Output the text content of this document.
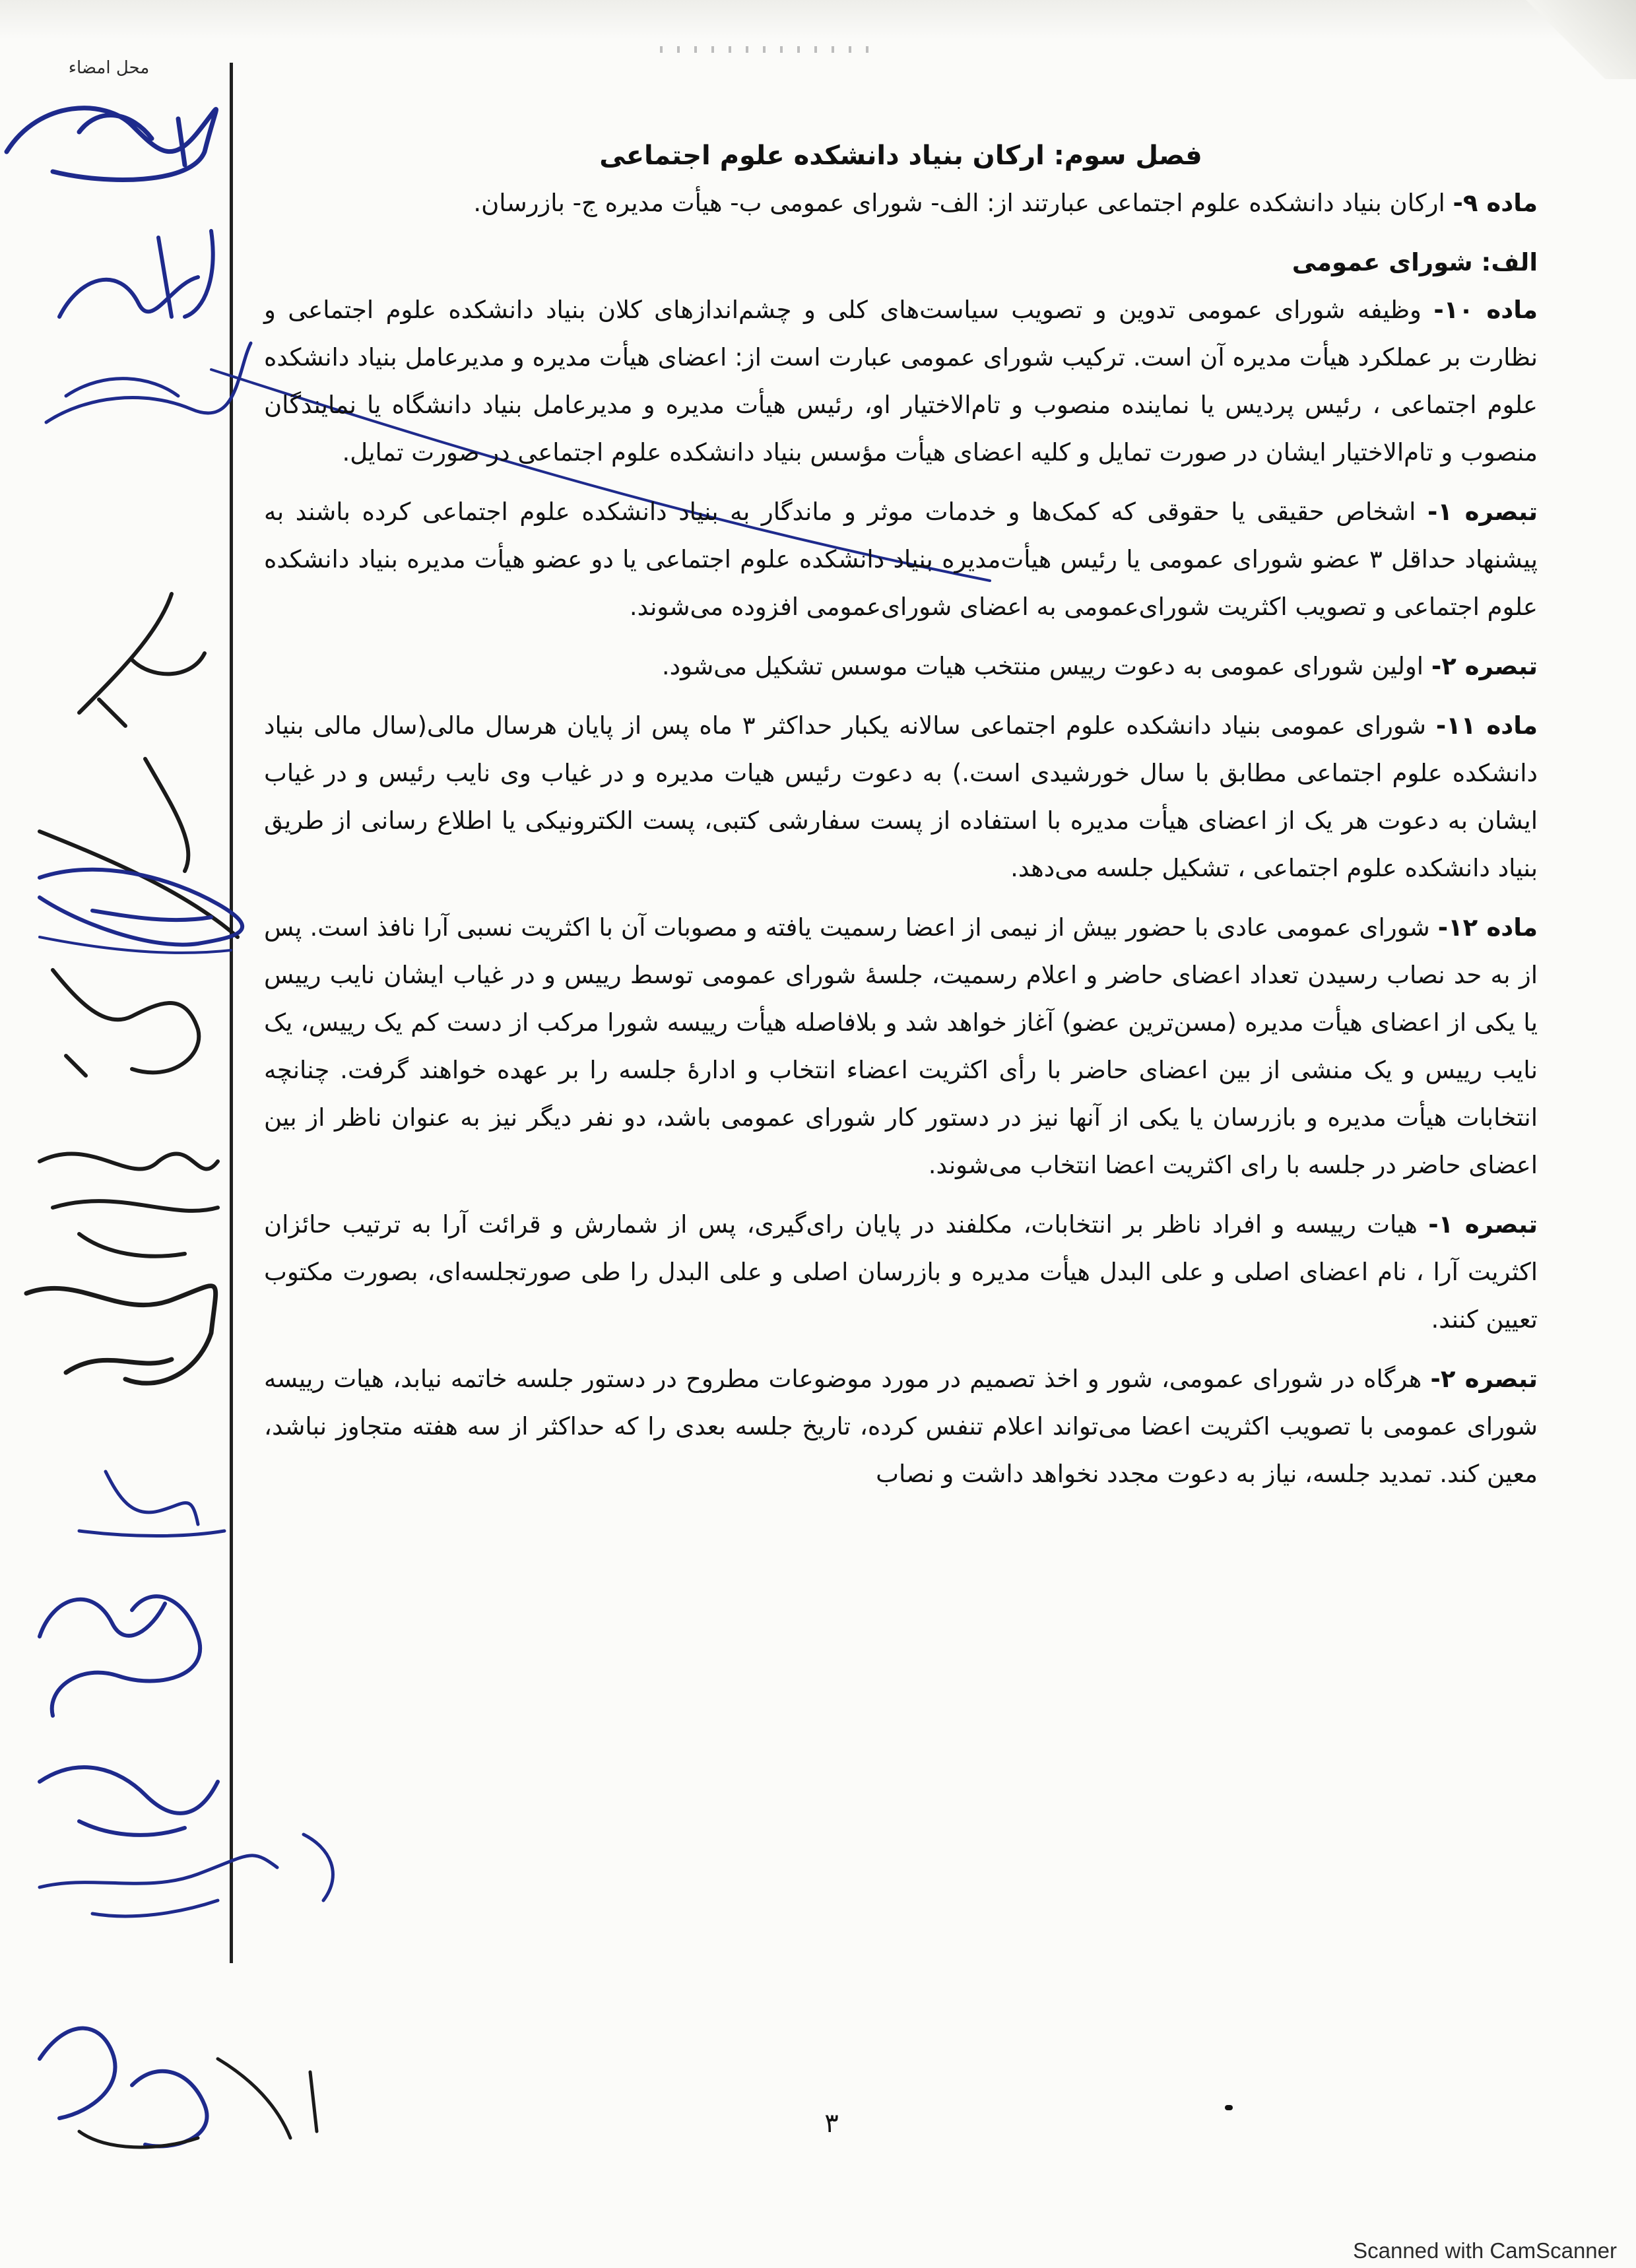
محل امضاء
فصل سوم: ارکان بنیاد دانشکده علوم اجتماعی

ماده ۹- ارکان بنیاد دانشکده علوم اجتماعی عبارتند از: الف- شورای عمومی ب- هیأت مدیره ج- بازرسان.

الف: شورای عمومی

ماده ۱۰- وظیفه شورای عمومی تدوین و تصویب سیاست‌های کلی و چشم‌اندازهای کلان بنیاد دانشکده علوم اجتماعی و نظارت بر عملکرد هیأت مدیره آن است. ترکیب شورای عمومی عبارت است از: اعضای هیأت مدیره و مدیرعامل بنیاد دانشکده علوم اجتماعی ، رئیس پردیس یا نماینده منصوب و تام‌الاختیار او، رئیس هیأت مدیره و مدیرعامل بنیاد دانشگاه یا نمایندگان منصوب و تام‌الاختیار ایشان در صورت تمایل و کلیه اعضای هیأت مؤسس بنیاد دانشکده علوم اجتماعی در صورت تمایل.

تبصره ۱- اشخاص حقیقی یا حقوقی که کمک‌ها و خدمات موثر و ماندگار به بنیاد دانشکده علوم اجتماعی کرده باشند به پیشنهاد حداقل ۳ عضو شورای عمومی یا رئیس هیأت‌مدیره بنیاد دانشکده علوم اجتماعی یا دو عضو هیأت مدیره بنیاد دانشکده علوم اجتماعی و تصویب اکثریت شورای‌عمومی به اعضای شورای‌عمومی افزوده می‌شوند.

تبصره ۲- اولین شورای عمومی به دعوت رییس منتخب هیات موسس تشکیل می‌شود.

ماده ۱۱- شورای عمومی بنیاد دانشکده علوم اجتماعی سالانه یکبار حداکثر ۳ ماه پس از پایان هرسال مالی(سال مالی بنیاد دانشکده علوم اجتماعی مطابق با سال خورشیدی است.) به دعوت رئیس هیات مدیره و در غیاب وی نایب رئیس و در غیاب ایشان به دعوت هر یک از اعضای هیأت مدیره با استفاده از پست سفارشی کتبی، پست الکترونیکی یا اطلاع رسانی از طریق بنیاد دانشکده علوم اجتماعی ، تشکیل جلسه می‌دهد.

ماده ۱۲- شورای عمومی عادی با حضور بیش از نیمی از اعضا رسمیت یافته و مصوبات آن با اکثریت نسبی آرا نافذ است. پس از به حد نصاب رسیدن تعداد اعضای حاضر و اعلام رسمیت، جلسهٔ شورای عمومی توسط رییس و در غیاب ایشان نایب رییس یا یکی از اعضای هیأت مدیره (مسن‌ترین عضو) آغاز خواهد شد و بلافاصله هیأت رییسه شورا مرکب از دست کم یک رییس، یک نایب رییس و یک منشی از بین اعضای حاضر با رأی اکثریت اعضاء انتخاب و ادارهٔ جلسه را بر عهده خواهند گرفت. چنانچه انتخابات هیأت مدیره و بازرسان یا یکی از آنها نیز در دستور کار شورای عمومی باشد، دو نفر دیگر نیز به عنوان ناظر از بین اعضای حاضر در جلسه با رای اکثریت اعضا انتخاب می‌شوند.

تبصره ۱- هیات رییسه و افراد ناظر بر انتخابات، مکلفند در پایان رای‌گیری، پس از شمارش و قرائت آرا به ترتیب حائزان اکثریت آرا ، نام اعضای اصلی و علی البدل هیأت مدیره و بازرسان اصلی و علی البدل را طی صورتجلسه‌ای، بصورت مکتوب تعیین کنند.

تبصره ۲- هرگاه در شورای عمومی، شور و اخذ تصمیم در مورد موضوعات مطروح در دستور جلسه خاتمه نیابد، هیات رییسه شورای عمومی با تصویب اکثریت اعضا می‌تواند اعلام تنفس کرده، تاریخ جلسه بعدی را که حداکثر از سه هفته متجاوز نباشد، معین کند. تمدید جلسه، نیاز به دعوت مجدد نخواهد داشت و نصاب

۳
Scanned with CamScanner
